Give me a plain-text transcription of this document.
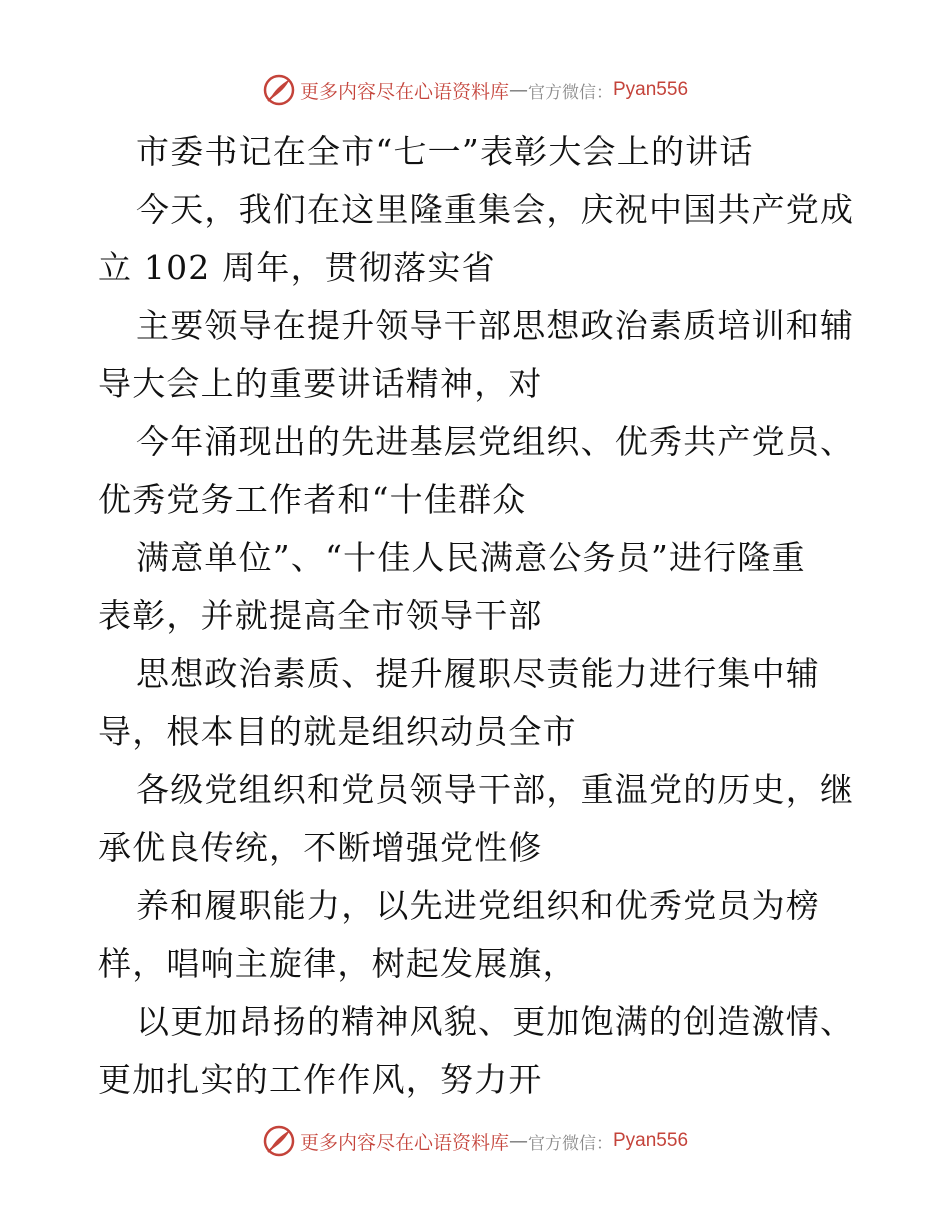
更多内容尽在心语资料库 — 官方微信： Pyan556

市委书记在全市“七一”表彰大会上的讲话

今天，我们在这里隆重集会，庆祝中国共产党成
立 102 周年，贯彻落实省

主要领导在提升领导干部思想政治素质培训和辅
导大会上的重要讲话精神，对

今年涌现出的先进基层党组织、优秀共产党员、
优秀党务工作者和“十佳群众

满意单位”、“十佳人民满意公务员”进行隆重
表彰，并就提高全市领导干部

思想政治素质、提升履职尽责能力进行集中辅
导，根本目的就是组织动员全市

各级党组织和党员领导干部，重温党的历史，继
承优良传统，不断增强党性修

养和履职能力，以先进党组织和优秀党员为榜
样，唱响主旋律，树起发展旗，

以更加昂扬的精神风貌、更加饱满的创造激情、
更加扎实的工作作风，努力开

更多内容尽在心语资料库 — 官方微信： Pyan556
